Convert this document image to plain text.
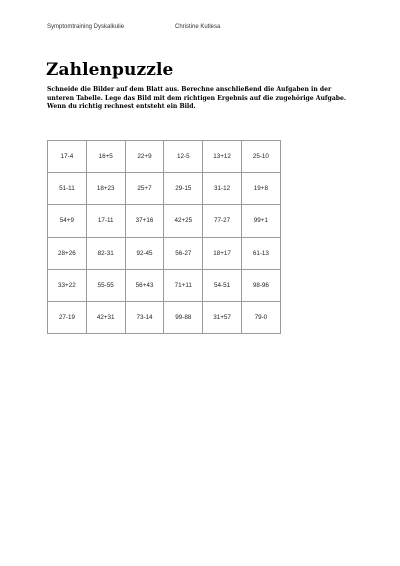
Symptomtraining Dyskalkulie	Christine Kutlesa
Zahlenpuzzle

Schneide die Bilder auf dem Blatt aus. Berechne anschließend die Aufgaben in der unteren Tabelle. Lege das Bild mit dem richtigen Ergebnis auf die zugehörige Aufgabe. Wenn du richtig rechnest entsteht ein Bild.

17-4	16+5	22+9	12-5	13+12	25-10
51-11	18+23	25+7	29-15	31-12	19+8
54+9	17-11	37+16	42+25	77-27	99+1
28+26	82-31	92-45	56-27	18+17	61-13
33+22	55-55	56+43	71+11	54-51	98-96
27-19	42+31	73-14	99-88	31+57	79-0
